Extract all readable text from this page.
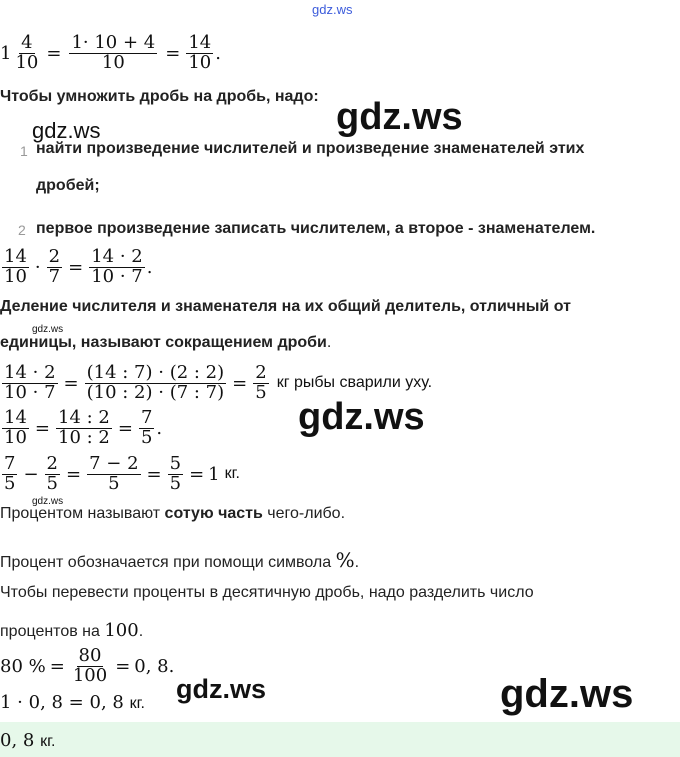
gdz.ws
$1 \frac{4}{10} = \frac{1\cdot 10 + 4}{10} = \frac{14}{10}$ .
Чтобы умножить дробь на дробь, надо: gdz.ws
gdz.ws
1 найти произведение числителей и произведение знаменателей этих
дробей;
2 первое произведение записать числителем, а второе - знаменателем.
$\frac{14}{10} \cdot \frac{2}{7} = \frac{14 \cdot 2}{10 \cdot 7}$ .
Деление числителя и знаменателя на их общий делитель, отличный от
gdz.ws
единицы, называют сокращением дроби.
$\frac{14 \cdot 2}{10 \cdot 7} = \frac{(14 : 7) \cdot (2 : 2)}{(10 : 2) \cdot (7 : 7)} = \frac{2}{5}$ кг рыбы сварили уху.
$\frac{14}{10} = \frac{14 : 2}{10 : 2} = \frac{7}{5}$ .	gdz.ws
$\frac{7}{5} - \frac{2}{5} = \frac{7 - 2}{5} = \frac{5}{5} = 1$ кг.
gdz.ws
Процентом называют сотую часть чего-либо.
Процент обозначается при помощи символа %.
Чтобы перевести проценты в десятичную дробь, надо разделить число
процентов на 100.
80 % = $\frac{80}{100} = 0$, 8.
1 · 0, 8 = 0, 8 кг. gdz.ws	gdz.ws
0, 8 кг.
